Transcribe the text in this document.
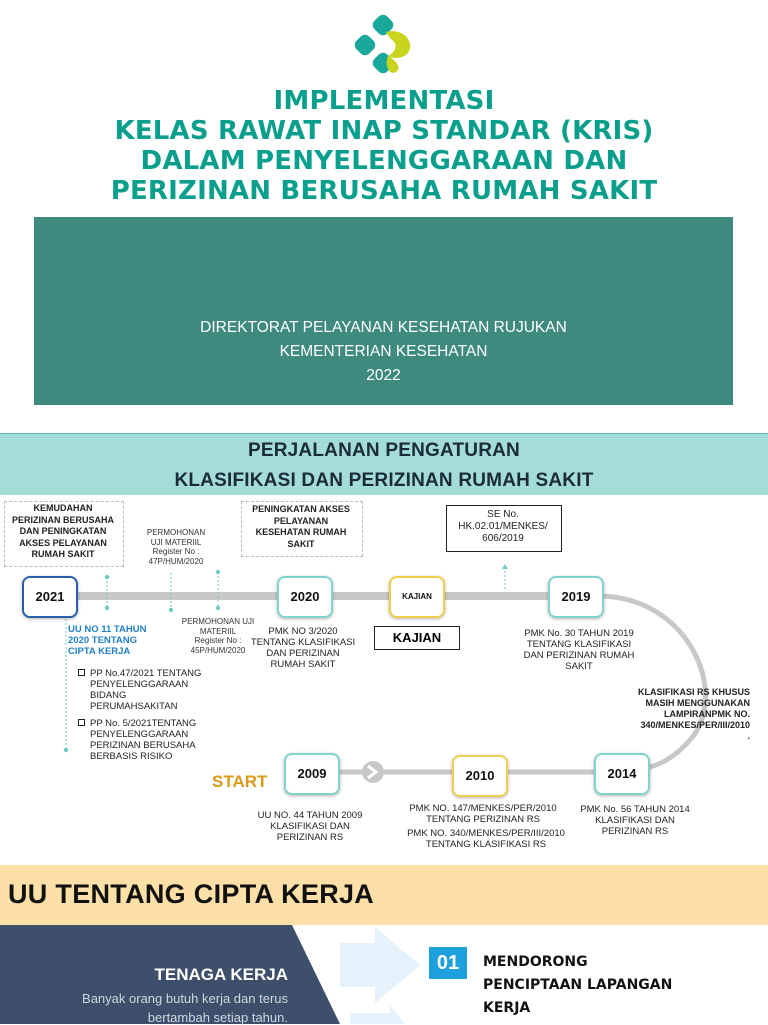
IMPLEMENTASI
KELAS RAWAT INAP STANDAR (KRIS)
DALAM PENYELENGGARAAN DAN
PERIZINAN BERUSAHA RUMAH SAKIT
DIREKTORAT PELAYANAN KESEHATAN RUJUKAN
KEMENTERIAN KESEHATAN
2022
PERJALANAN PENGATURAN
KLASIFIKASI DAN PERIZINAN RUMAH SAKIT
2021	2020	KAJIAN	2019
2009	2010	2014
START
KAJIAN
KEMUDAHAN
PERIZINAN BERUSAHA
DAN PENINGKATAN
AKSES PELAYANAN
RUMAH SAKIT
PERMOHONAN
UJI MATERIIL
Register No :
47P/HUM/2020
PENINGKATAN AKSES
PELAYANAN
KESEHATAN RUMAH
SAKIT
SE No.
HK.02.01/MENKES/
606/2019
UU NO 11 TAHUN
2020 TENTANG
CIPTA KERJA
PERMOHONAN UJI
MATERIIL
Register No :
45P/HUM/2020
PMK NO 3/2020
TENTANG KLASIFIKASI
DAN PERIZINAN
RUMAH SAKIT
PMK No. 30 TAHUN 2019
TENTANG KLASIFIKASI
DAN PERIZINAN RUMAH
SAKIT
PP No.47/2021 TENTANG
PENYELENGGARAAN
BIDANG
PERUMAHSAKITAN
PP No. 5/2021TENTANG
PENYELENGGARAAN
PERIZINAN BERUSAHA
BERBASIS RISIKO
KLASIFIKASI RS KHUSUS
MASIH MENGGUNAKAN
LAMPIRANPMK NO.
340/MENKES/PER/III/2010
.
UU NO. 44 TAHUN 2009
KLASIFIKASI DAN
PERIZINAN RS
PMK NO. 147/MENKES/PER/2010
TENTANG PERIZINAN RS
PMK NO. 340/MENKES/PER/III/2010
TENTANG KLASIFIKASI RS
PMK No. 56 TAHUN 2014
KLASIFIKASI DAN
PERIZINAN RS
UU TENTANG CIPTA KERJA
TENAGA KERJA
Banyak orang butuh kerja dan terus
bertambah setiap tahun.
01	MENDORONG
PENCIPTAAN LAPANGAN
KERJA
